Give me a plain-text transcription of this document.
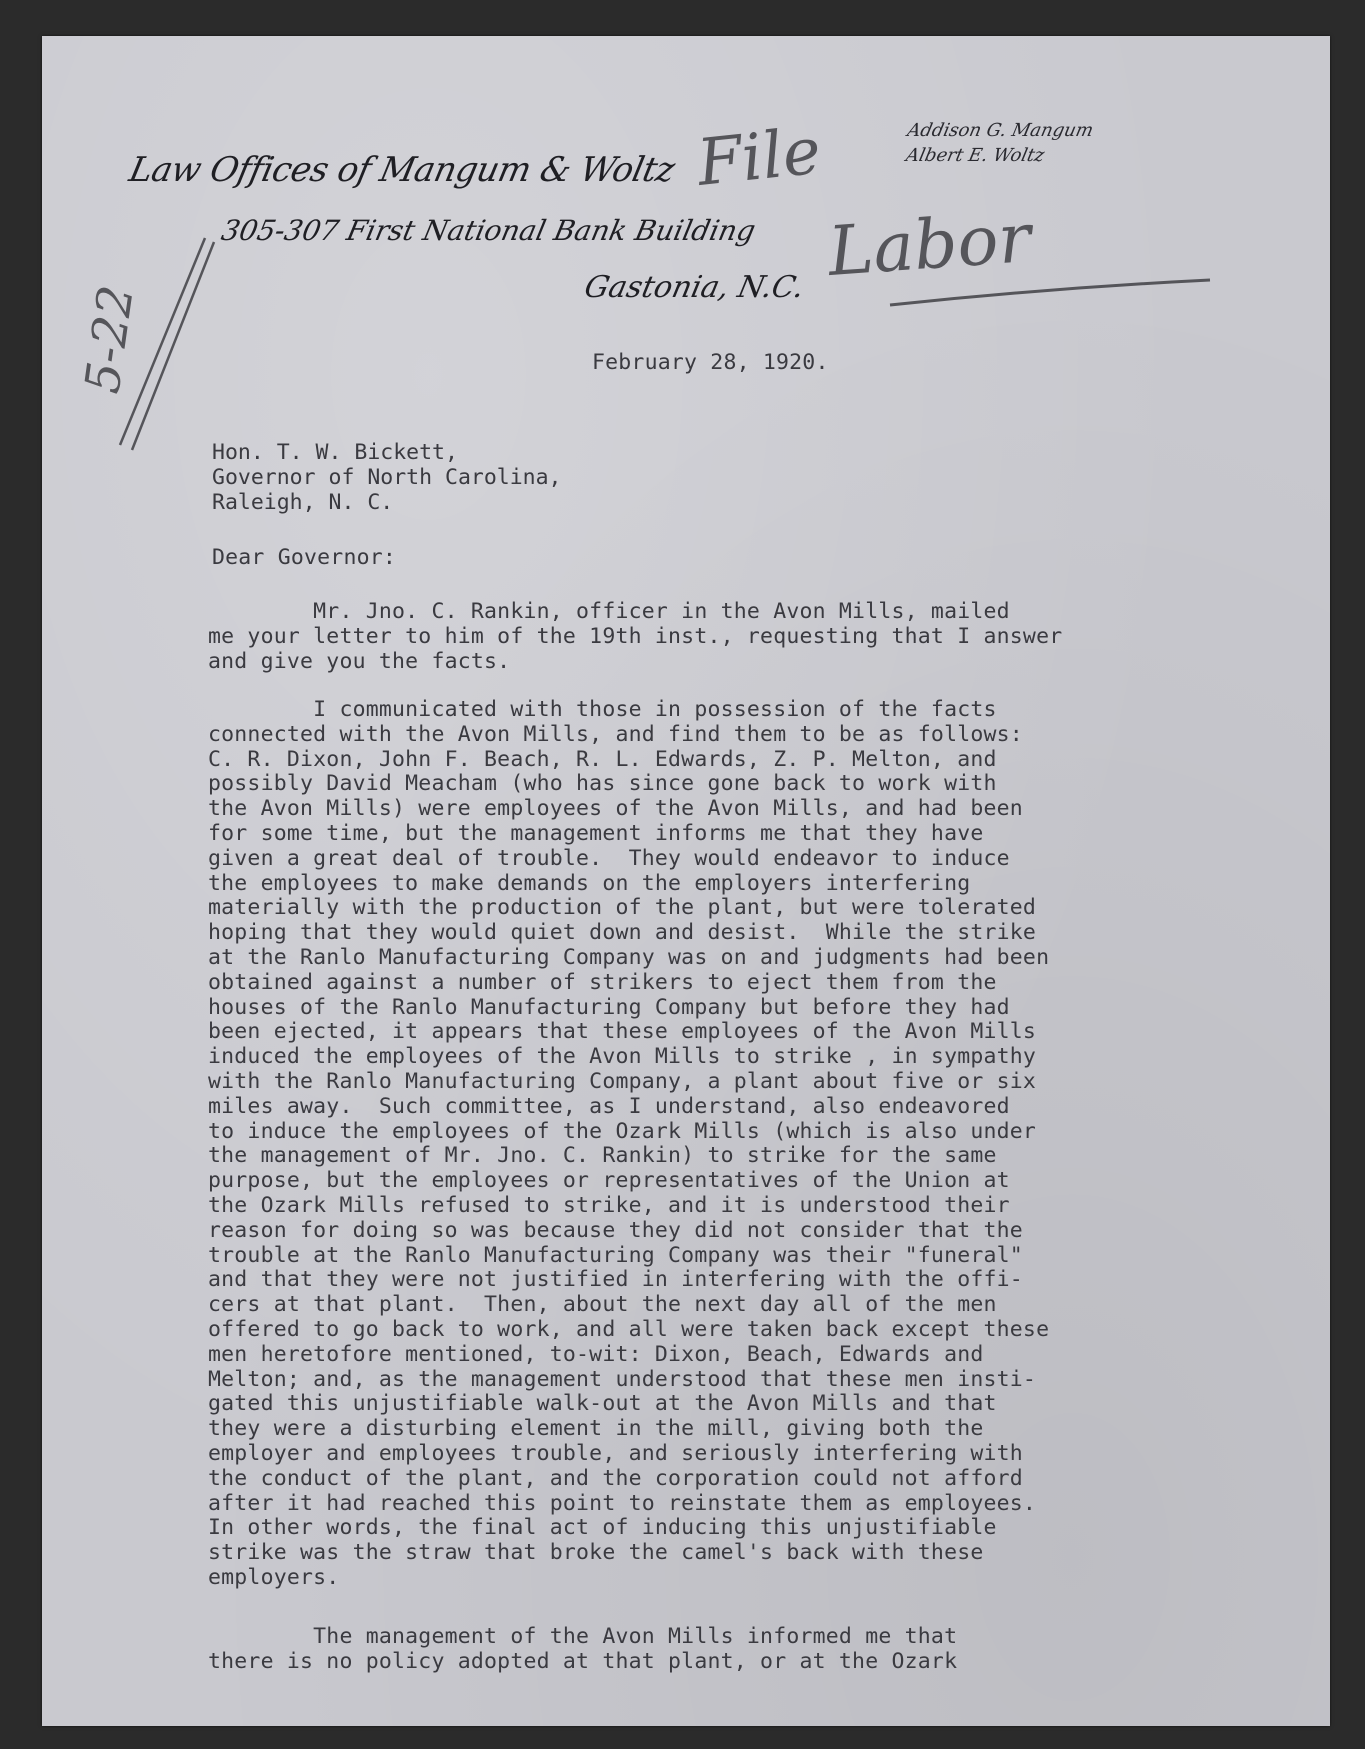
Law Offices of Mangum & Woltz
305-307 First National Bank Building
Gastonia, N.C.
Addison G. Mangum
Albert E. Woltz
File
Labor
5-22	February 28, 1920.
Hon. T. W. Bickett,
Governor of North Carolina,
Raleigh, N. C.
Dear Governor:
Mr. Jno. C. Rankin, officer in the Avon Mills, mailed
me your letter to him of the 19th inst., requesting that I answer
and give you the facts.
I communicated with those in possession of the facts
connected with the Avon Mills, and find them to be as follows:
C. R. Dixon, John F. Beach, R. L. Edwards, Z. P. Melton, and
possibly David Meacham (who has since gone back to work with
the Avon Mills) were employees of the Avon Mills, and had been
for some time, but the management informs me that they have
given a great deal of trouble.  They would endeavor to induce
the employees to make demands on the employers interfering
materially with the production of the plant, but were tolerated
hoping that they would quiet down and desist.  While the strike
at the Ranlo Manufacturing Company was on and judgments had been
obtained against a number of strikers to eject them from the
houses of the Ranlo Manufacturing Company but before they had
been ejected, it appears that these employees of the Avon Mills
induced the employees of the Avon Mills to strike , in sympathy
with the Ranlo Manufacturing Company, a plant about five or six
miles away.  Such committee, as I understand, also endeavored
to induce the employees of the Ozark Mills (which is also under
the management of Mr. Jno. C. Rankin) to strike for the same
purpose, but the employees or representatives of the Union at
the Ozark Mills refused to strike, and it is understood their
reason for doing so was because they did not consider that the
trouble at the Ranlo Manufacturing Company was their "funeral"
and that they were not justified in interfering with the offi-
cers at that plant.  Then, about the next day all of the men
offered to go back to work, and all were taken back except these
men heretofore mentioned, to-wit: Dixon, Beach, Edwards and
Melton; and, as the management understood that these men insti-
gated this unjustifiable walk-out at the Avon Mills and that
they were a disturbing element in the mill, giving both the
employer and employees trouble, and seriously interfering with
the conduct of the plant, and the corporation could not afford
after it had reached this point to reinstate them as employees.
In other words, the final act of inducing this unjustifiable
strike was the straw that broke the camel's back with these
employers.
The management of the Avon Mills informed me that
there is no policy adopted at that plant, or at the Ozark
